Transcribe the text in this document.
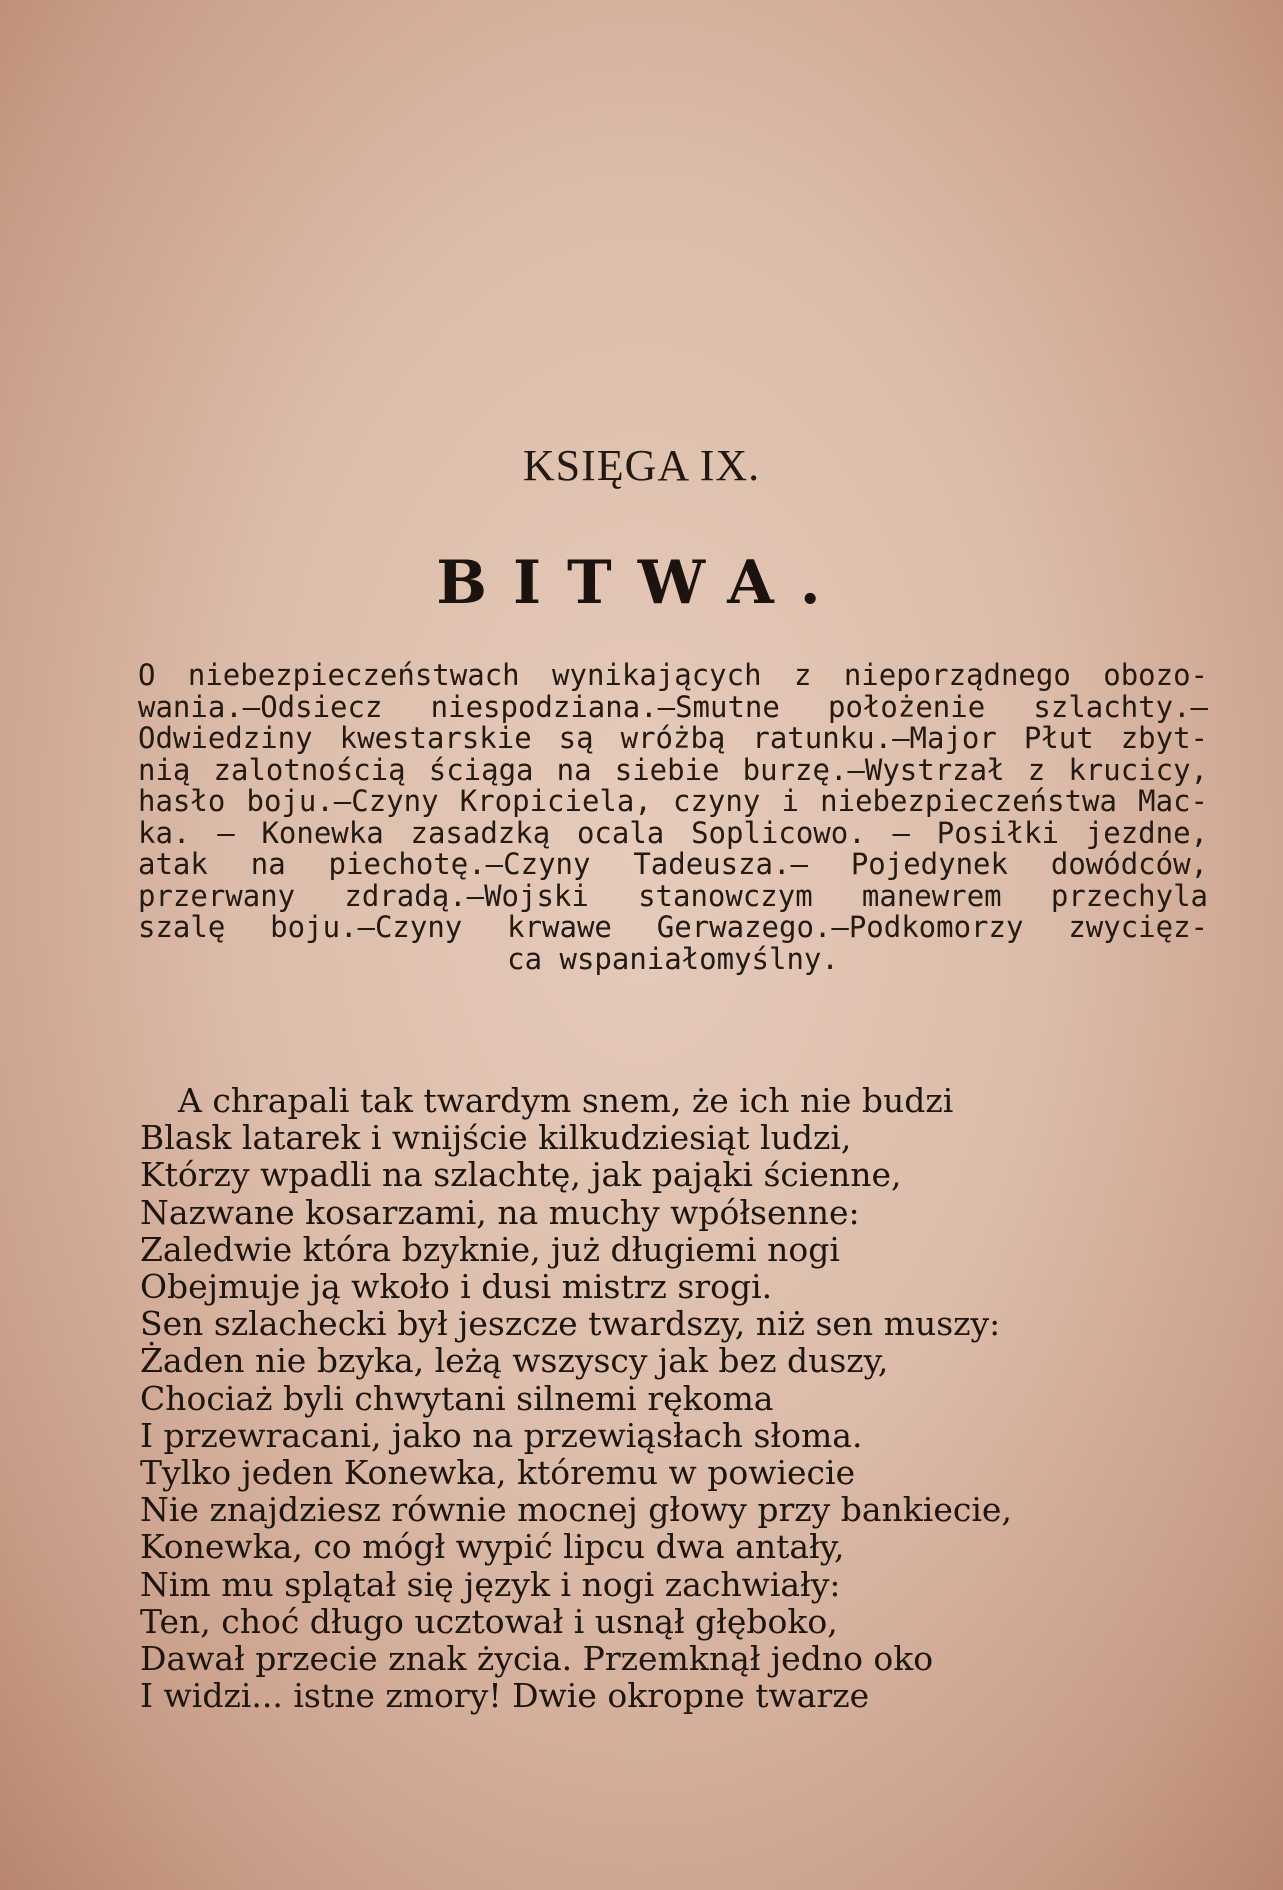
KSIĘGA IX.
BITWA.
O niebezpieczeństwach wynikających z nieporządnego obozo-
wania.—Odsiecz niespodziana.—Smutne położenie szlachty.—
Odwiedziny kwestarskie są wróżbą ratunku.—Major Płut zbyt-
nią zalotnością ściąga na siebie burzę.—Wystrzał z krucicy,
hasło boju.—Czyny Kropiciela, czyny i niebezpieczeństwa Mac-
ka. — Konewka zasadzką ocala Soplicowo. — Posiłki jezdne,
atak na piechotę.—Czyny Tadeusza.— Pojedynek dowódców,
przerwany zdradą.—Wojski stanowczym manewrem przechyla
szalę boju.—Czyny krwawe Gerwazego.—Podkomorzy zwycięz-
ca wspaniałomyślny.
A chrapali tak twardym snem, że ich nie budzi
Blask latarek i wnijście kilkudziesiąt ludzi,
Którzy wpadli na szlachtę, jak pająki ścienne,
Nazwane kosarzami, na muchy wpółsenne:
Zaledwie która bzyknie, już długiemi nogi
Obejmuje ją wkoło i dusi mistrz srogi.
Sen szlachecki był jeszcze twardszy, niż sen muszy:
Żaden nie bzyka, leżą wszyscy jak bez duszy,
Chociaż byli chwytani silnemi rękoma
I przewracani, jako na przewiąsłach słoma.
Tylko jeden Konewka, któremu w powiecie
Nie znajdziesz równie mocnej głowy przy bankiecie,
Konewka, co mógł wypić lipcu dwa antały,
Nim mu splątał się język i nogi zachwiały:
Ten, choć długo ucztował i usnął głęboko,
Dawał przecie znak życia. Przemknął jedno oko
I widzi... istne zmory! Dwie okropne twarze
